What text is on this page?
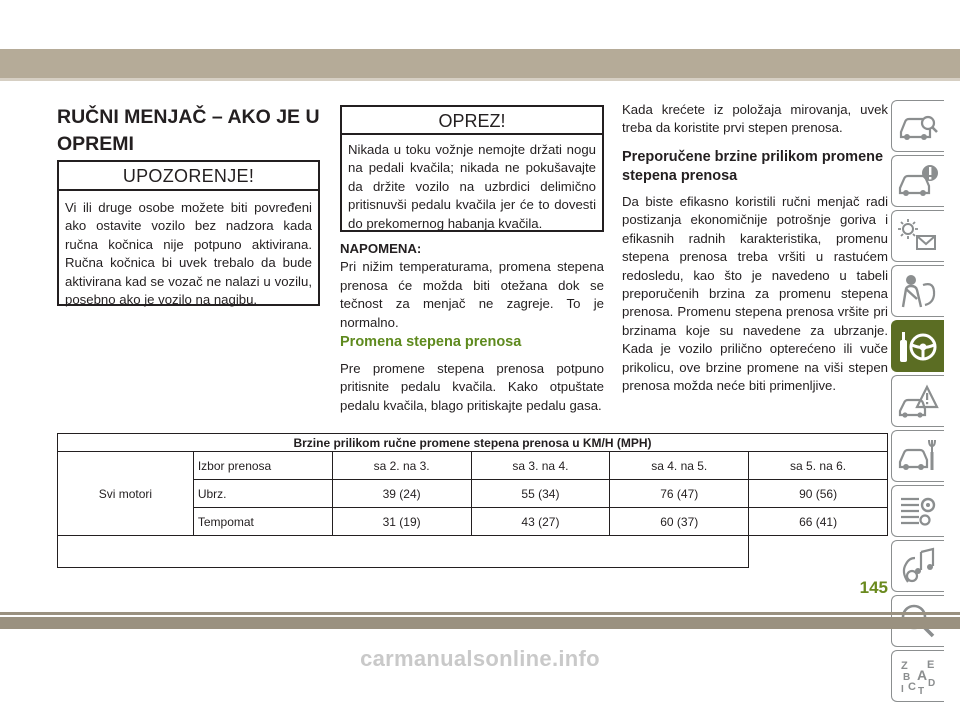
RUČNI MENJAČ – AKO JE U
OPREMI
UPOZORENJE!
Vi ili druge osobe možete biti povređeni ako ostavite vozilo bez nadzora kada ručna kočnica nije potpuno aktivirana. Ručna kočnica bi uvek trebalo da bude aktivirana kad se vozač ne nalazi u vozilu, posebno ako je vozilo na nagibu.
OPREZ!
Nikada u toku vožnje nemojte držati nogu na pedali kvačila; nikada ne pokušavajte da držite vozilo na uzbrdici delimično pritisnuvši pedalu kvačila jer će to dovesti do prekomernog habanja kvačila.
NAPOMENA:
Pri nižim temperaturama, promena stepena prenosa će možda biti otežana dok se tečnost za menjač ne zagreje. To je normalno.
Promena stepena prenosa
Pre promene stepena prenosa potpuno pritisnite pedalu kvačila. Kako otpuštate pedalu kvačila, blago pritiskajte pedalu gasa.
Kada krećete iz položaja mirovanja, uvek treba da koristite prvi stepen prenosa.
Preporučene brzine prilikom promene stepena prenosa
Da biste efikasno koristili ručni menjač radi postizanja ekonomičnije potrošnje goriva i efikasnih radnih karakteristika, promenu stepena prenosa treba vršiti u rastućem redosledu, kao što je navedeno u tabeli preporučenih brzina za promenu stepena prenosa. Promenu stepena prenosa vršite pri brzinama koje su navedene za ubrzanje. Kada je vozilo prilično opterećeno ili vuče prikolicu, ove brzine promene na viši stepen prenosa možda neće biti primenljive.
Brzine prilikom ručne promene stepena prenosa u KM/H (MPH)					
Svi motori	Izbor prenosa	sa 2. na 3.	sa 3. na 4.	sa 4. na 5.	sa 5. na 6.
	Ubrz.	39 (24)	55 (34)	76 (47)	90 (56)
	Tempomat	31 (19)	43 (27)	60 (37)	66 (41)

Z E
B A
I C T
D
145
carmanualsonline.info
